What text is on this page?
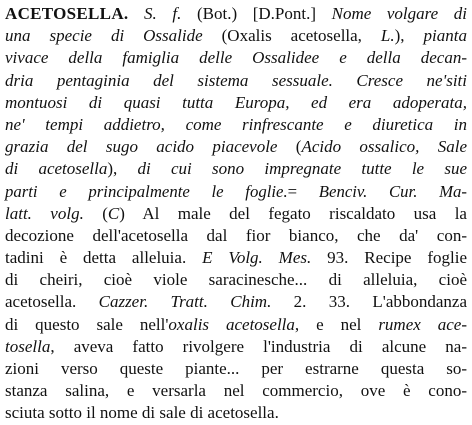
ACETOSELLA. S. f. (Bot.) [D.Pont.] Nome volgare di
una specie di Ossalide (Oxalis acetosella, L.), pianta
vivace della famiglia delle Ossalidee e della decan-
dria pentaginia del sistema sessuale. Cresce ne'siti
montuosi di quasi tutta Europa, ed era adoperata,
ne' tempi addietro, come rinfrescante e diuretica in
grazia del sugo acido piacevole (Acido ossalico, Sale
di acetosella), di cui sono impregnate tutte le sue
parti e principalmente le foglie.= Benciv. Cur. Ma-
latt. volg. (C) Al male del fegato riscaldato usa la
decozione dell'acetosella dal fior bianco, che da' con-
tadini è detta alleluia. E Volg. Mes. 93. Recipe foglie
di cheiri, cioè viole saracinesche... di alleluia, cioè
acetosella. Cazzer. Tratt. Chim. 2. 33. L'abbondanza
di questo sale nell'oxalis acetosella, e nel rumex ace-
tosella, aveva fatto rivolgere l'industria di alcune na-
zioni verso queste piante... per estrarne questa so-
stanza salina, e versarla nel commercio, ove è cono-
sciuta sotto il nome di sale di acetosella.
